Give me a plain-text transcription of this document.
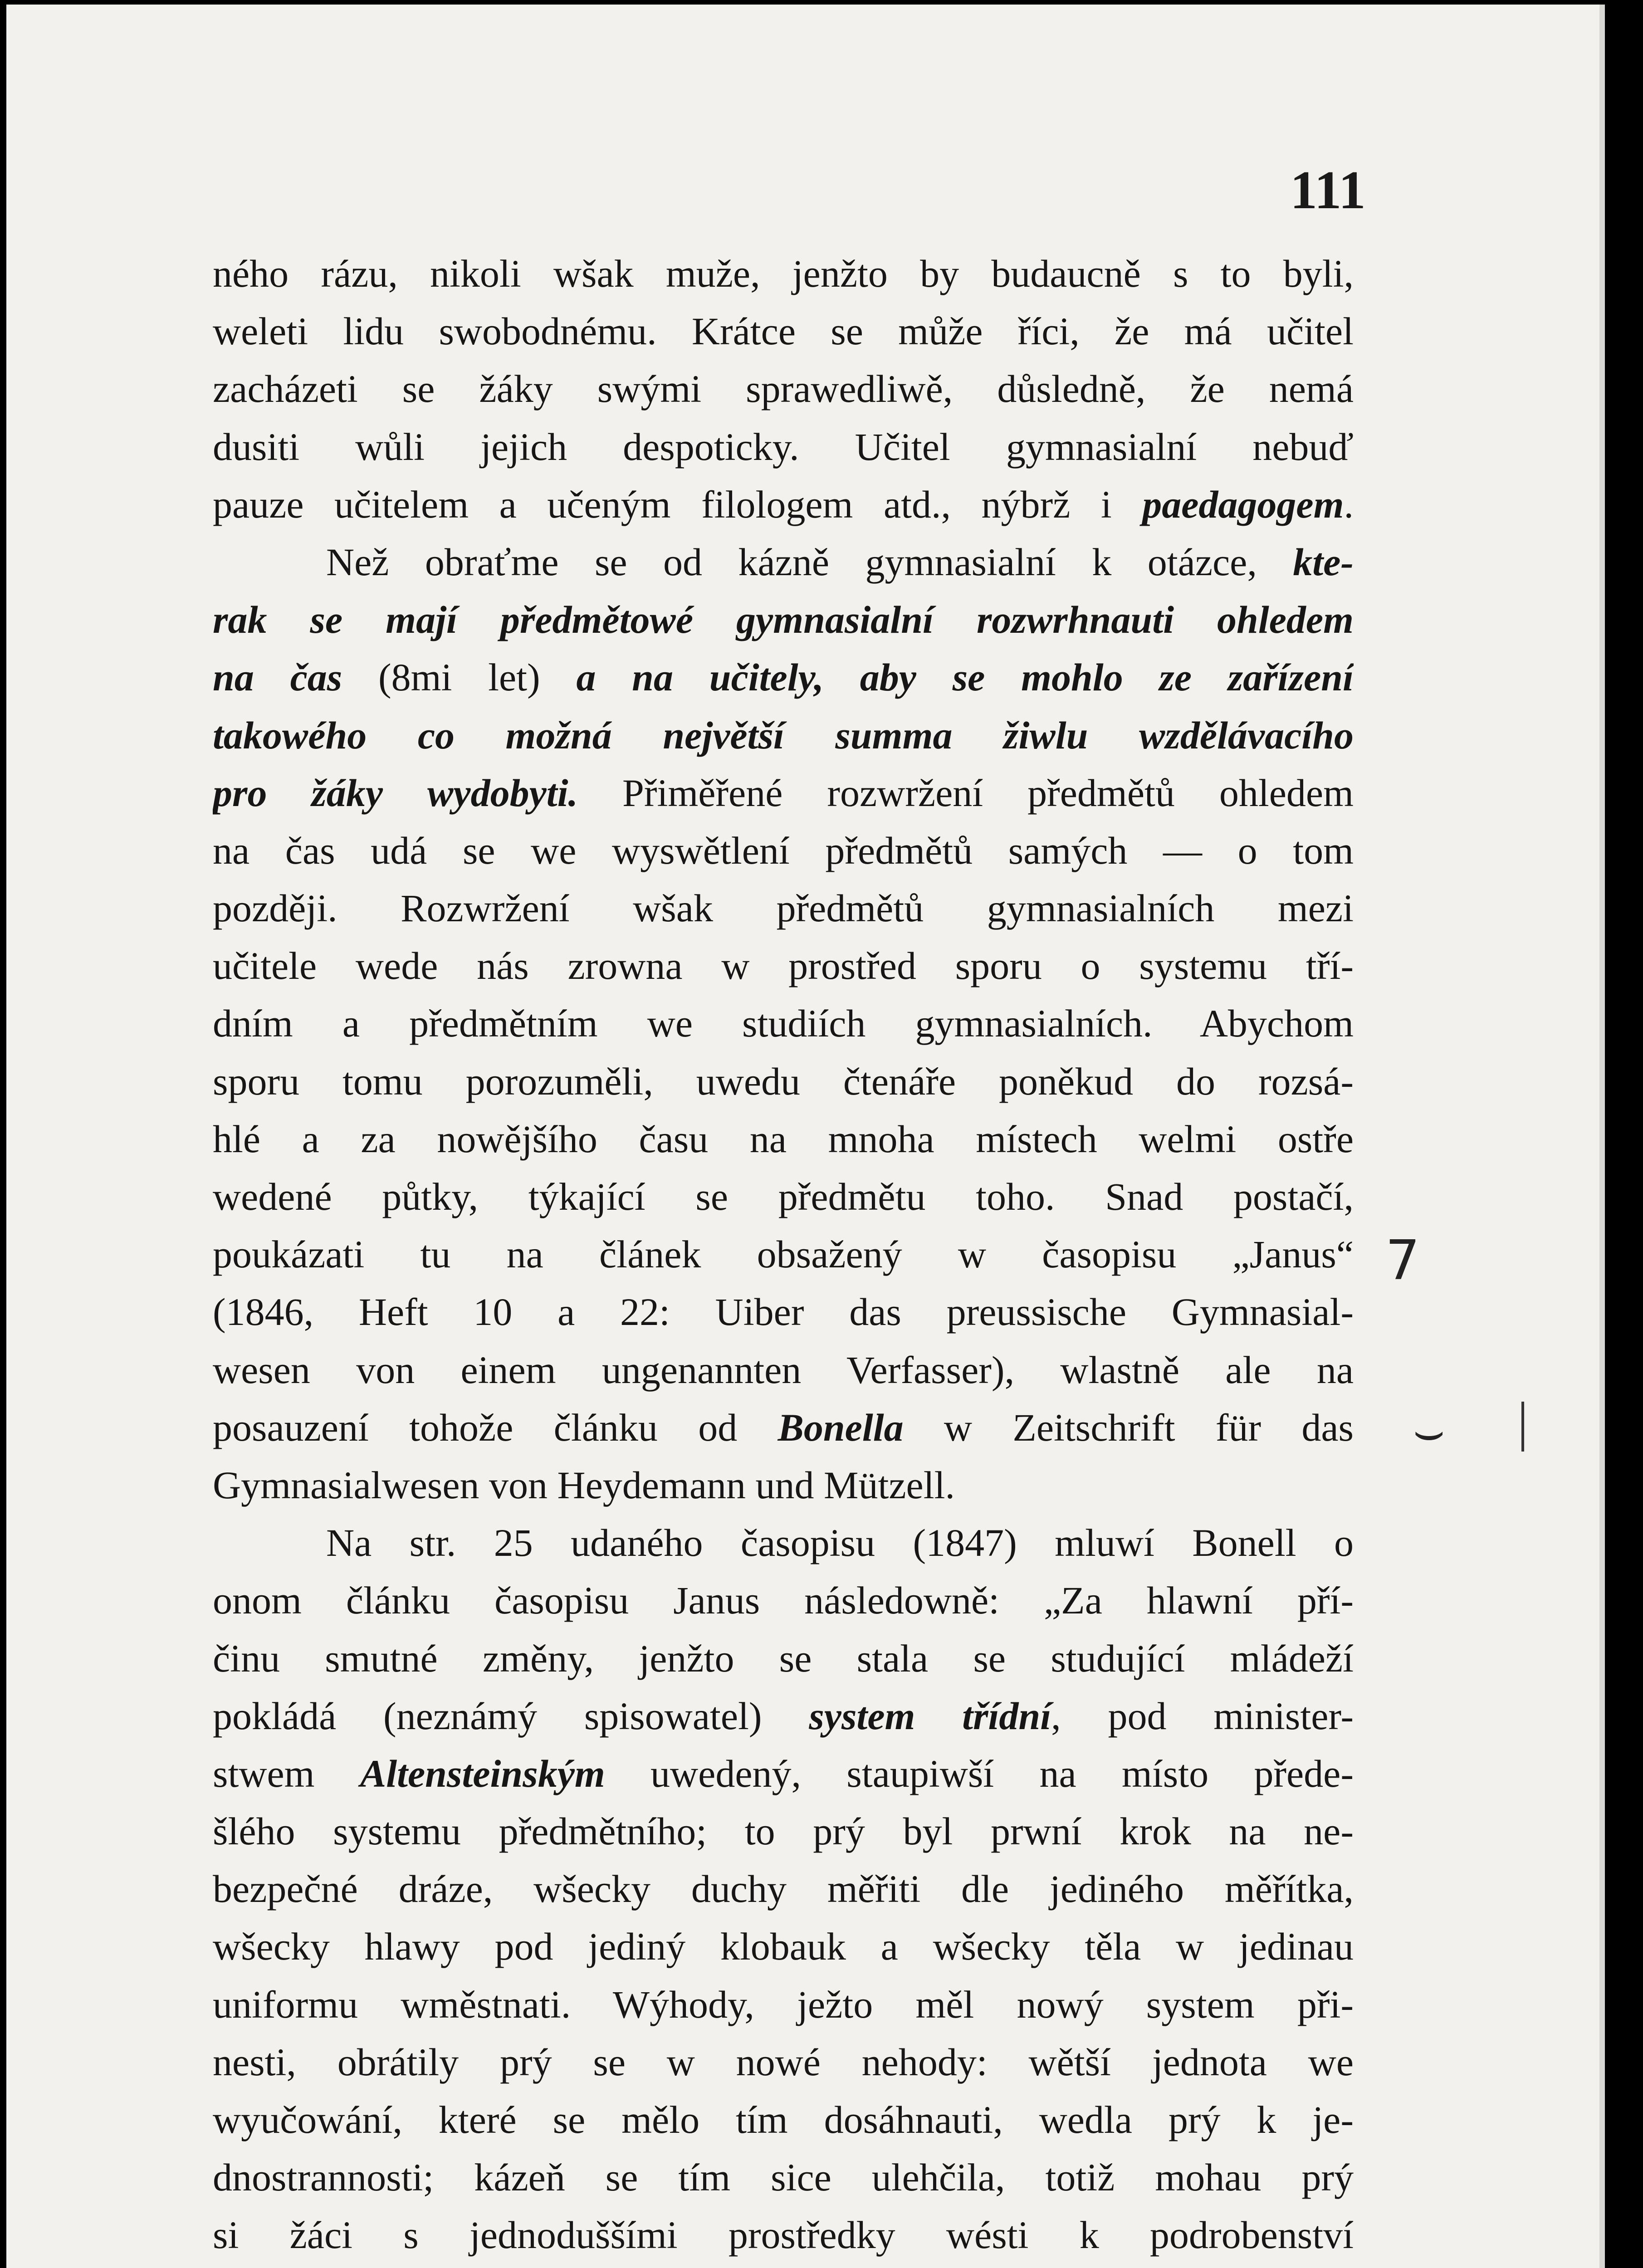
111
7
⌣
ného rázu, nikoli wšak muže, jenžto by budaucně s to byli,
weleti lidu swobodnému. Krátce se může říci, že má učitel
zacházeti se žáky swými sprawedliwě, důsledně, že nemá
dusiti wůli jejich despoticky. Učitel gymnasialní nebuď
pauze učitelem a učeným filologem atd., nýbrž i paedagogem.
Než obraťme se od kázně gymnasialní k otázce, kte-
rak se mají předmětowé gymnasialní rozwrhnauti ohledem
na čas (8mi let) a na učitely, aby se mohlo ze zařízení
takowého co možná největší summa žiwlu wzdělávacího
pro žáky wydobyti. Přiměřené rozwržení předmětů ohledem
na čas udá se we wyswětlení předmětů samých — o tom
později. Rozwržení wšak předmětů gymnasialních mezi
učitele wede nás zrowna w prostřed sporu o systemu tří-
dním a předmětním we studiích gymnasialních. Abychom
sporu tomu porozuměli, uwedu čtenáře poněkud do rozsá-
hlé a za nowějšího času na mnoha místech welmi ostře
wedené půtky, týkající se předmětu toho. Snad postačí,
poukázati tu na článek obsažený w časopisu „Janus“
(1846, Heft 10 a 22: Uiber das preussische Gymnasial-
wesen von einem ungenannten Verfasser), wlastně ale na
posauzení tohože článku od Bonella w Zeitschrift für das
Gymnasialwesen von Heydemann und Mützell.
Na str. 25 udaného časopisu (1847) mluwí Bonell o
onom článku časopisu Janus následowně: „Za hlawní pří-
činu smutné změny, jenžto se stala se studující mládeží
pokládá (neznámý spisowatel) system třídní, pod minister-
stwem Altensteinským uwedený, staupiwší na místo přede-
šlého systemu předmětního; to prý byl prwní krok na ne-
bezpečné dráze, wšecky duchy měřiti dle jediného měřítka,
wšecky hlawy pod jediný klobauk a wšecky těla w jedinau
uniformu wměstnati. Wýhody, ježto měl nowý system při-
nesti, obrátily prý se w nowé nehody: wětší jednota we
wyučowání, které se mělo tím dosáhnauti, wedla prý k je-
dnostrannosti; kázeň se tím sice ulehčila, totiž mohau prý
si žáci s jednoduššími prostředky wésti k podrobenství
